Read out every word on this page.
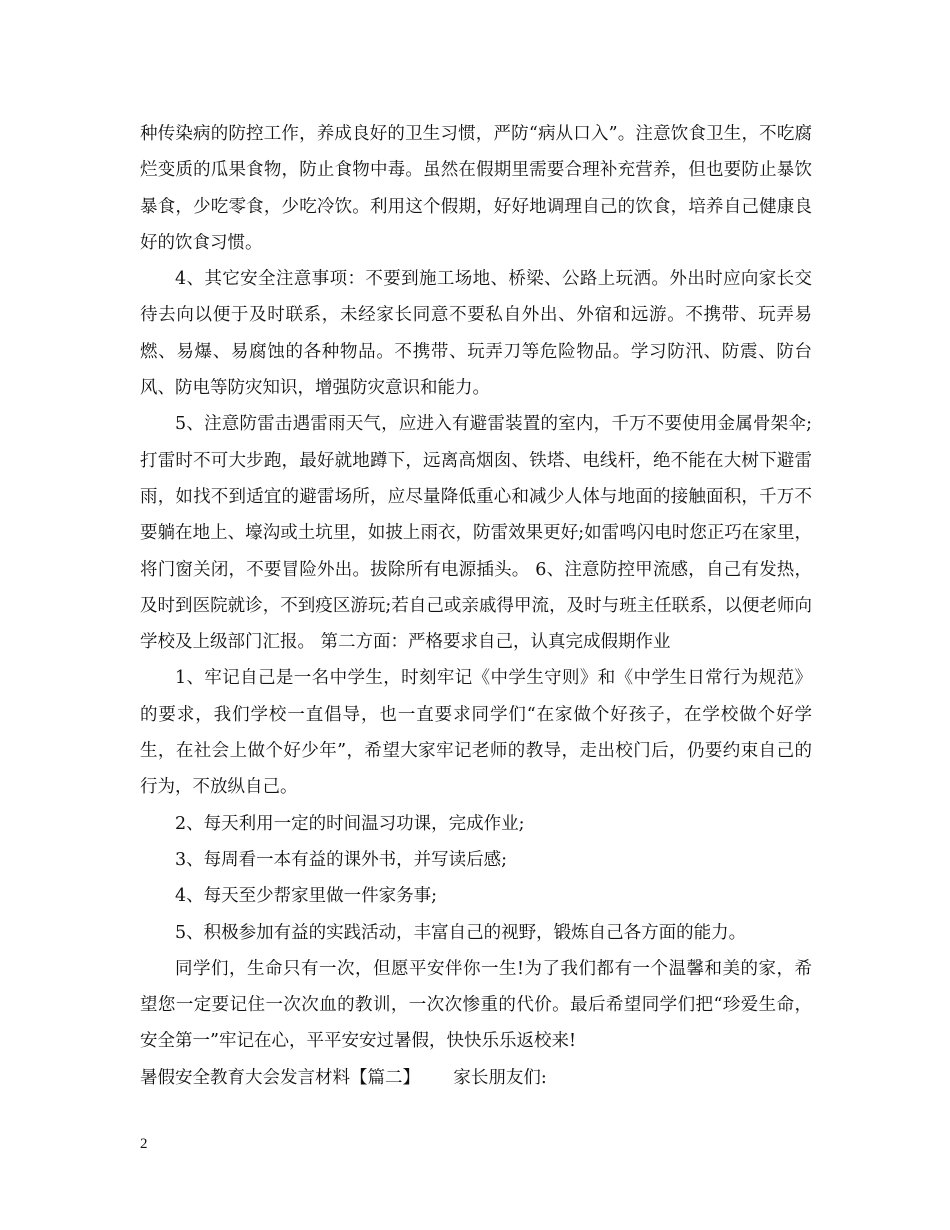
种传染病的防控工作，养成良好的卫生习惯，严防“病从口入”。注意饮食卫生，不吃腐烂变质的瓜果食物，防止食物中毒。虽然在假期里需要合理补充营养，但也要防止暴饮暴食，少吃零食，少吃冷饮。利用这个假期，好好地调理自己的饮食，培养自己健康良好的饮食习惯。

4、其它安全注意事项：不要到施工场地、桥梁、公路上玩洒。外出时应向家长交待去向以便于及时联系，未经家长同意不要私自外出、外宿和远游。不携带、玩弄易燃、易爆、易腐蚀的各种物品。不携带、玩弄刀等危险物品。学习防汛、防震、防台风、防电等防灾知识，增强防灾意识和能力。

5、注意防雷击遇雷雨天气，应进入有避雷装置的室内，千万不要使用金属骨架伞;打雷时不可大步跑，最好就地蹲下，远离高烟囱、铁塔、电线杆，绝不能在大树下避雷雨，如找不到适宜的避雷场所，应尽量降低重心和减少人体与地面的接触面积，千万不要躺在地上、壕沟或土坑里，如披上雨衣，防雷效果更好;如雷鸣闪电时您正巧在家里，将门窗关闭，不要冒险外出。拔除所有电源插头。 6、注意防控甲流感，自己有发热，及时到医院就诊，不到疫区游玩;若自己或亲戚得甲流，及时与班主任联系，以便老师向学校及上级部门汇报。 第二方面：严格要求自己，认真完成假期作业

1、牢记自己是一名中学生，时刻牢记《中学生守则》和《中学生日常行为规范》的要求，我们学校一直倡导，也一直要求同学们“在家做个好孩子，在学校做个好学生，在社会上做个好少年”，希望大家牢记老师的教导，走出校门后，仍要约束自己的行为，不放纵自己。

2、每天利用一定的时间温习功课，完成作业;

3、每周看一本有益的课外书，并写读后感;

4、每天至少帮家里做一件家务事;

5、积极参加有益的实践活动，丰富自己的视野，锻炼自己各方面的能力。

同学们，生命只有一次，但愿平安伴你一生!为了我们都有一个温馨和美的家，希望您一定要记住一次次血的教训，一次次惨重的代价。最后希望同学们把“珍爱生命，安全第一”牢记在心，平平安安过暑假，快快乐乐返校来!

暑假安全教育大会发言材料【篇二】      家长朋友们:

2
